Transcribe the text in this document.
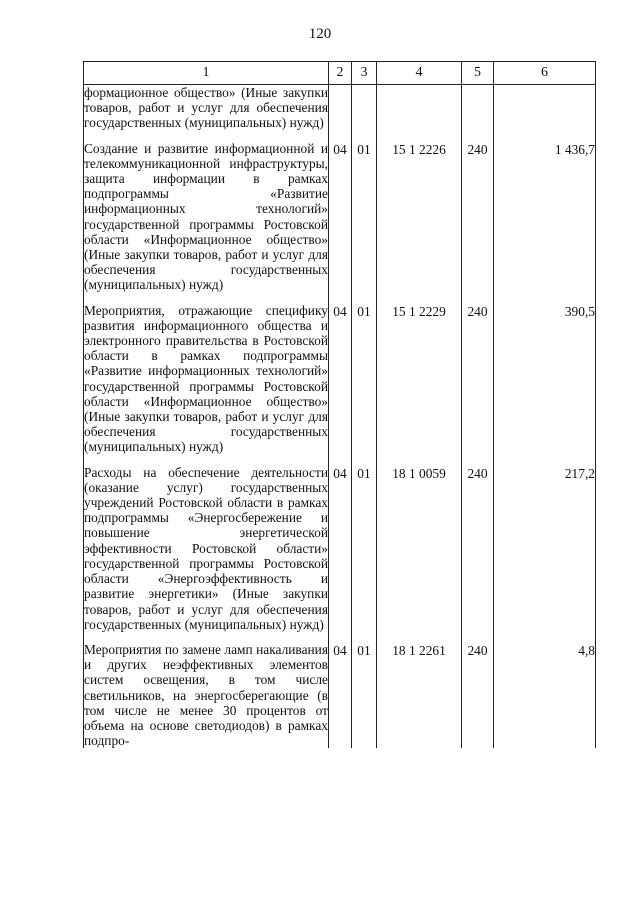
120
1	2	3	4	5	6
формационное общество» (Иные закупки товаров, работ и услуг для обеспечения государственных (муниципальных) нужд)					

Создание и развитие информационной и телекоммуникационной инфраструктуры, защита информации в рамках подпрограммы «Развитие информационных технологий» государственной программы Ростовской области «Информационное общество» (Иные закупки товаров, работ и услуг для обеспечения государственных (муниципальных) нужд)	04	01	15 1 2226	240	1 436,7

Мероприятия, отражающие специфику развития информационного общества и электронного правительства в Ростовской области в рамках подпрограммы «Развитие информационных технологий» государственной программы Ростовской области «Информационное общество» (Иные закупки товаров, работ и услуг для обеспечения государственных (муниципальных) нужд)	04	01	15 1 2229	240	390,5

Расходы на обеспечение деятельности (оказание услуг) государственных учреждений Ростовской области в рамках подпрограммы «Энергосбережение и повышение энергетической эффективности Ростовской области» государственной программы Ростовской области «Энергоэффективность и развитие энергетики» (Иные закупки товаров, работ и услуг для обеспечения государственных (муниципальных) нужд)	04	01	18 1 0059	240	217,2

Мероприятия по замене ламп накаливания и других неэффективных элементов систем освещения, в том числе светильников, на энергосберегающие (в том числе не менее 30 процентов от объема на основе светодиодов) в рамках подпро-	04	01	18 1 2261	240	4,8
